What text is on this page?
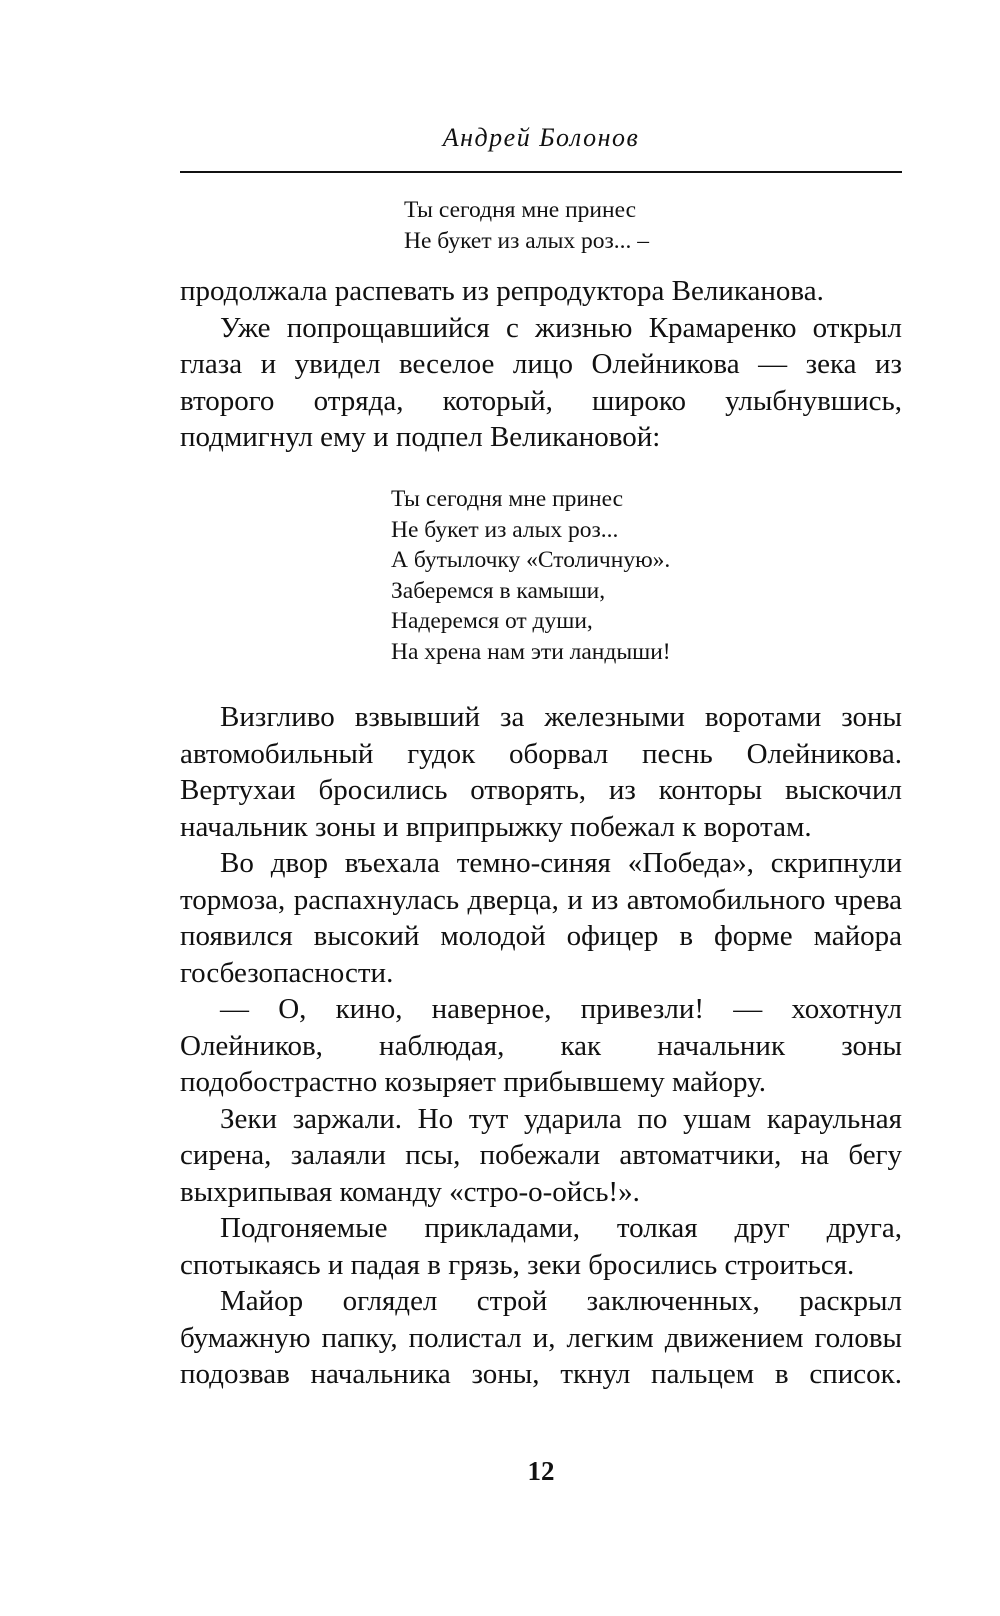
Андрей Болонов
Ты сегодня мне принес
Не букет из алых роз... –

продолжала распевать из репродуктора Великанова.

Уже попрощавшийся с жизнью Крамаренко открыл глаза и увидел веселое лицо Олейникова — зека из второго отряда, который, широко улыбнувшись, подмигнул ему и подпел Великановой:

Ты сегодня мне принес
Не букет из алых роз...
А бутылочку «Столичную».
Заберемся в камыши,
Надеремся от души,
На хрена нам эти ландыши!

Визгливо взвывший за железными воротами зоны автомобильный гудок оборвал песнь Олейникова. Вертухаи бросились отворять, из конторы выскочил начальник зоны и вприпрыжку побежал к воротам.

Во двор въехала темно-синяя «Победа», скрипнули тормоза, распахнулась дверца, и из автомобильного чрева появился высокий молодой офицер в форме майора госбезопасности.

— О, кино, наверное, привезли! — хохотнул Олейников, наблюдая, как начальник зоны подобострастно козыряет прибывшему майору.

Зеки заржали. Но тут ударила по ушам караульная сирена, залаяли псы, побежали автоматчики, на бегу выхрипывая команду «стро-о-ойсь!».

Подгоняемые прикладами, толкая друг друга, спотыкаясь и падая в грязь, зеки бросились строиться.

Майор оглядел строй заключенных, раскрыл бумажную папку, полистал и, легким движением головы подозвав начальника зоны, ткнул пальцем в список.

12
